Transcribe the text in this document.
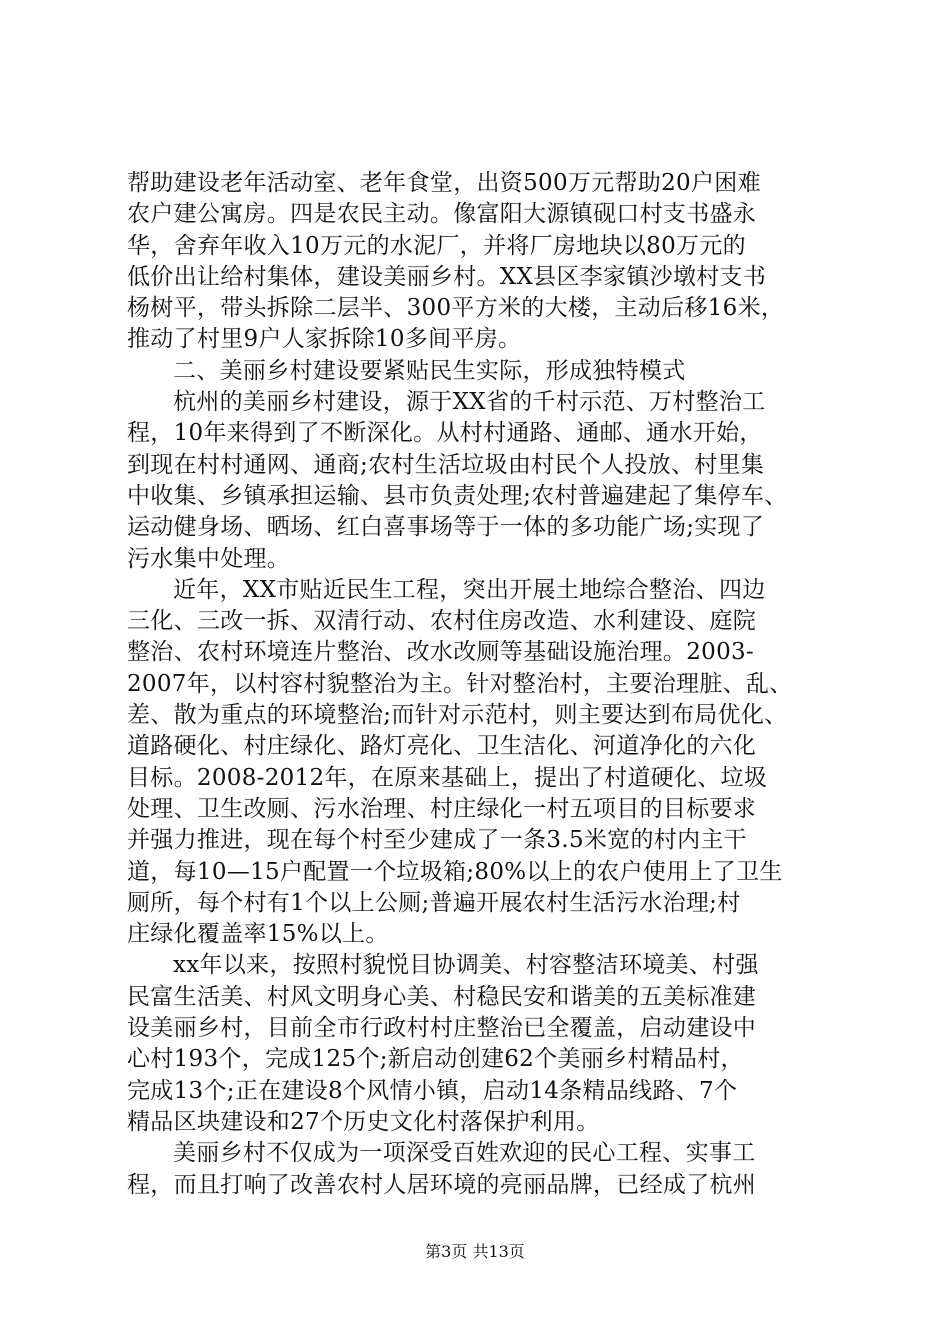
帮助建设老年活动室、老年食堂，出资500万元帮助20户困难
农户建公寓房。四是农民主动。像富阳大源镇砚口村支书盛永
华，舍弃年收入10万元的水泥厂，并将厂房地块以80万元的
低价出让给村集体，建设美丽乡村。XX县区李家镇沙墩村支书
杨树平，带头拆除二层半、300平方米的大楼，主动后移16米，
推动了村里9户人家拆除10多间平房。
二、美丽乡村建设要紧贴民生实际，形成独特模式
杭州的美丽乡村建设，源于XX省的千村示范、万村整治工
程，10年来得到了不断深化。从村村通路、通邮、通水开始，
到现在村村通网、通商;农村生活垃圾由村民个人投放、村里集
中收集、乡镇承担运输、县市负责处理;农村普遍建起了集停车、
运动健身场、晒场、红白喜事场等于一体的多功能广场;实现了
污水集中处理。
近年，XX市贴近民生工程，突出开展土地综合整治、四边
三化、三改一拆、双清行动、农村住房改造、水利建设、庭院
整治、农村环境连片整治、改水改厕等基础设施治理。2003-
2007年，以村容村貌整治为主。针对整治村，主要治理脏、乱、
差、散为重点的环境整治;而针对示范村，则主要达到布局优化、
道路硬化、村庄绿化、路灯亮化、卫生洁化、河道净化的六化
目标。2008-2012年，在原来基础上，提出了村道硬化、垃圾
处理、卫生改厕、污水治理、村庄绿化一村五项目的目标要求
并强力推进，现在每个村至少建成了一条3.5米宽的村内主干
道，每10—15户配置一个垃圾箱;80%以上的农户使用上了卫生
厕所，每个村有1个以上公厕;普遍开展农村生活污水治理;村
庄绿化覆盖率15%以上。
xx年以来，按照村貌悦目协调美、村容整洁环境美、村强
民富生活美、村风文明身心美、村稳民安和谐美的五美标准建
设美丽乡村，目前全市行政村村庄整治已全覆盖，启动建设中
心村193个，完成125个;新启动创建62个美丽乡村精品村，
完成13个;正在建设8个风情小镇，启动14条精品线路、7个
精品区块建设和27个历史文化村落保护利用。
美丽乡村不仅成为一项深受百姓欢迎的民心工程、实事工
程，而且打响了改善农村人居环境的亮丽品牌，已经成了杭州
第3页 共13页
